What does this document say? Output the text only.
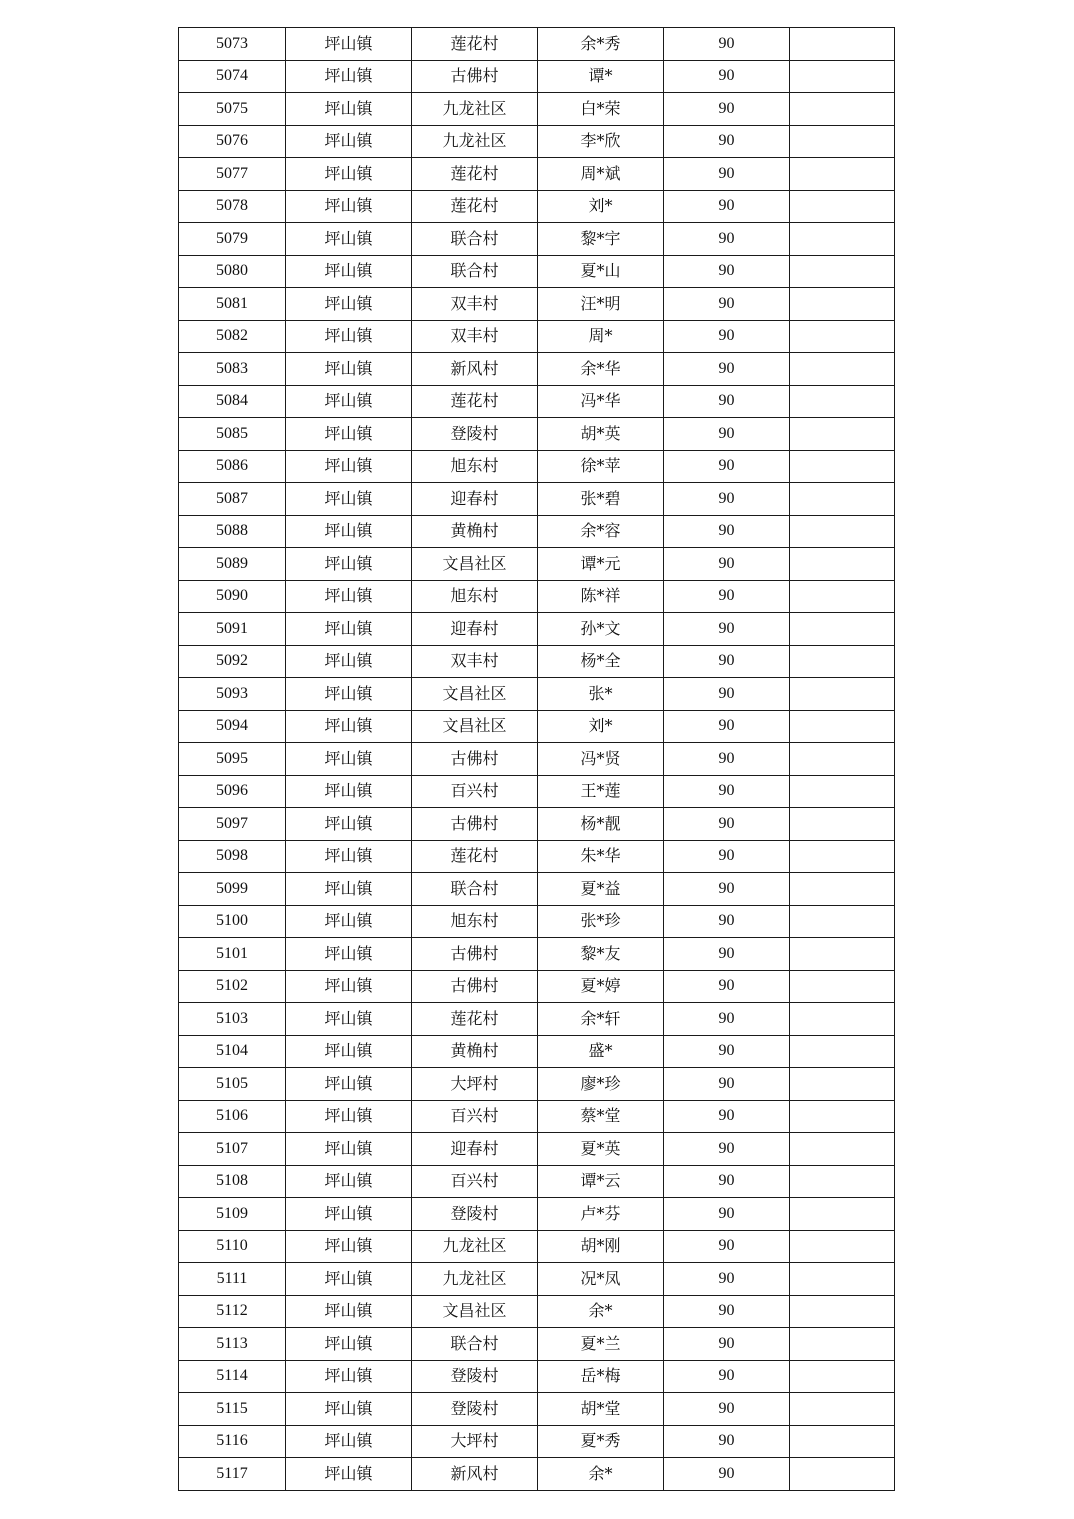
5073	坪山镇	莲花村	余*秀	90	
5074	坪山镇	古佛村	谭*	90	
5075	坪山镇	九龙社区	白*荣	90	
5076	坪山镇	九龙社区	李*欣	90	
5077	坪山镇	莲花村	周*斌	90	
5078	坪山镇	莲花村	刘*	90	
5079	坪山镇	联合村	黎*宇	90	
5080	坪山镇	联合村	夏*山	90	
5081	坪山镇	双丰村	汪*明	90	
5082	坪山镇	双丰村	周*	90	
5083	坪山镇	新风村	余*华	90	
5084	坪山镇	莲花村	冯*华	90	
5085	坪山镇	登陵村	胡*英	90	
5086	坪山镇	旭东村	徐*苹	90	
5087	坪山镇	迎春村	张*碧	90	
5088	坪山镇	黄桷村	余*容	90	
5089	坪山镇	文昌社区	谭*元	90	
5090	坪山镇	旭东村	陈*祥	90	
5091	坪山镇	迎春村	孙*文	90	
5092	坪山镇	双丰村	杨*全	90	
5093	坪山镇	文昌社区	张*	90	
5094	坪山镇	文昌社区	刘*	90	
5095	坪山镇	古佛村	冯*贤	90	
5096	坪山镇	百兴村	王*莲	90	
5097	坪山镇	古佛村	杨*靓	90	
5098	坪山镇	莲花村	朱*华	90	
5099	坪山镇	联合村	夏*益	90	
5100	坪山镇	旭东村	张*珍	90	
5101	坪山镇	古佛村	黎*友	90	
5102	坪山镇	古佛村	夏*婷	90	
5103	坪山镇	莲花村	余*轩	90	
5104	坪山镇	黄桷村	盛*	90	
5105	坪山镇	大坪村	廖*珍	90	
5106	坪山镇	百兴村	蔡*堂	90	
5107	坪山镇	迎春村	夏*英	90	
5108	坪山镇	百兴村	谭*云	90	
5109	坪山镇	登陵村	卢*芬	90	
5110	坪山镇	九龙社区	胡*刚	90	
5111	坪山镇	九龙社区	况*凤	90	
5112	坪山镇	文昌社区	余*	90	
5113	坪山镇	联合村	夏*兰	90	
5114	坪山镇	登陵村	岳*梅	90	
5115	坪山镇	登陵村	胡*堂	90	
5116	坪山镇	大坪村	夏*秀	90	
5117	坪山镇	新风村	余*	90	
